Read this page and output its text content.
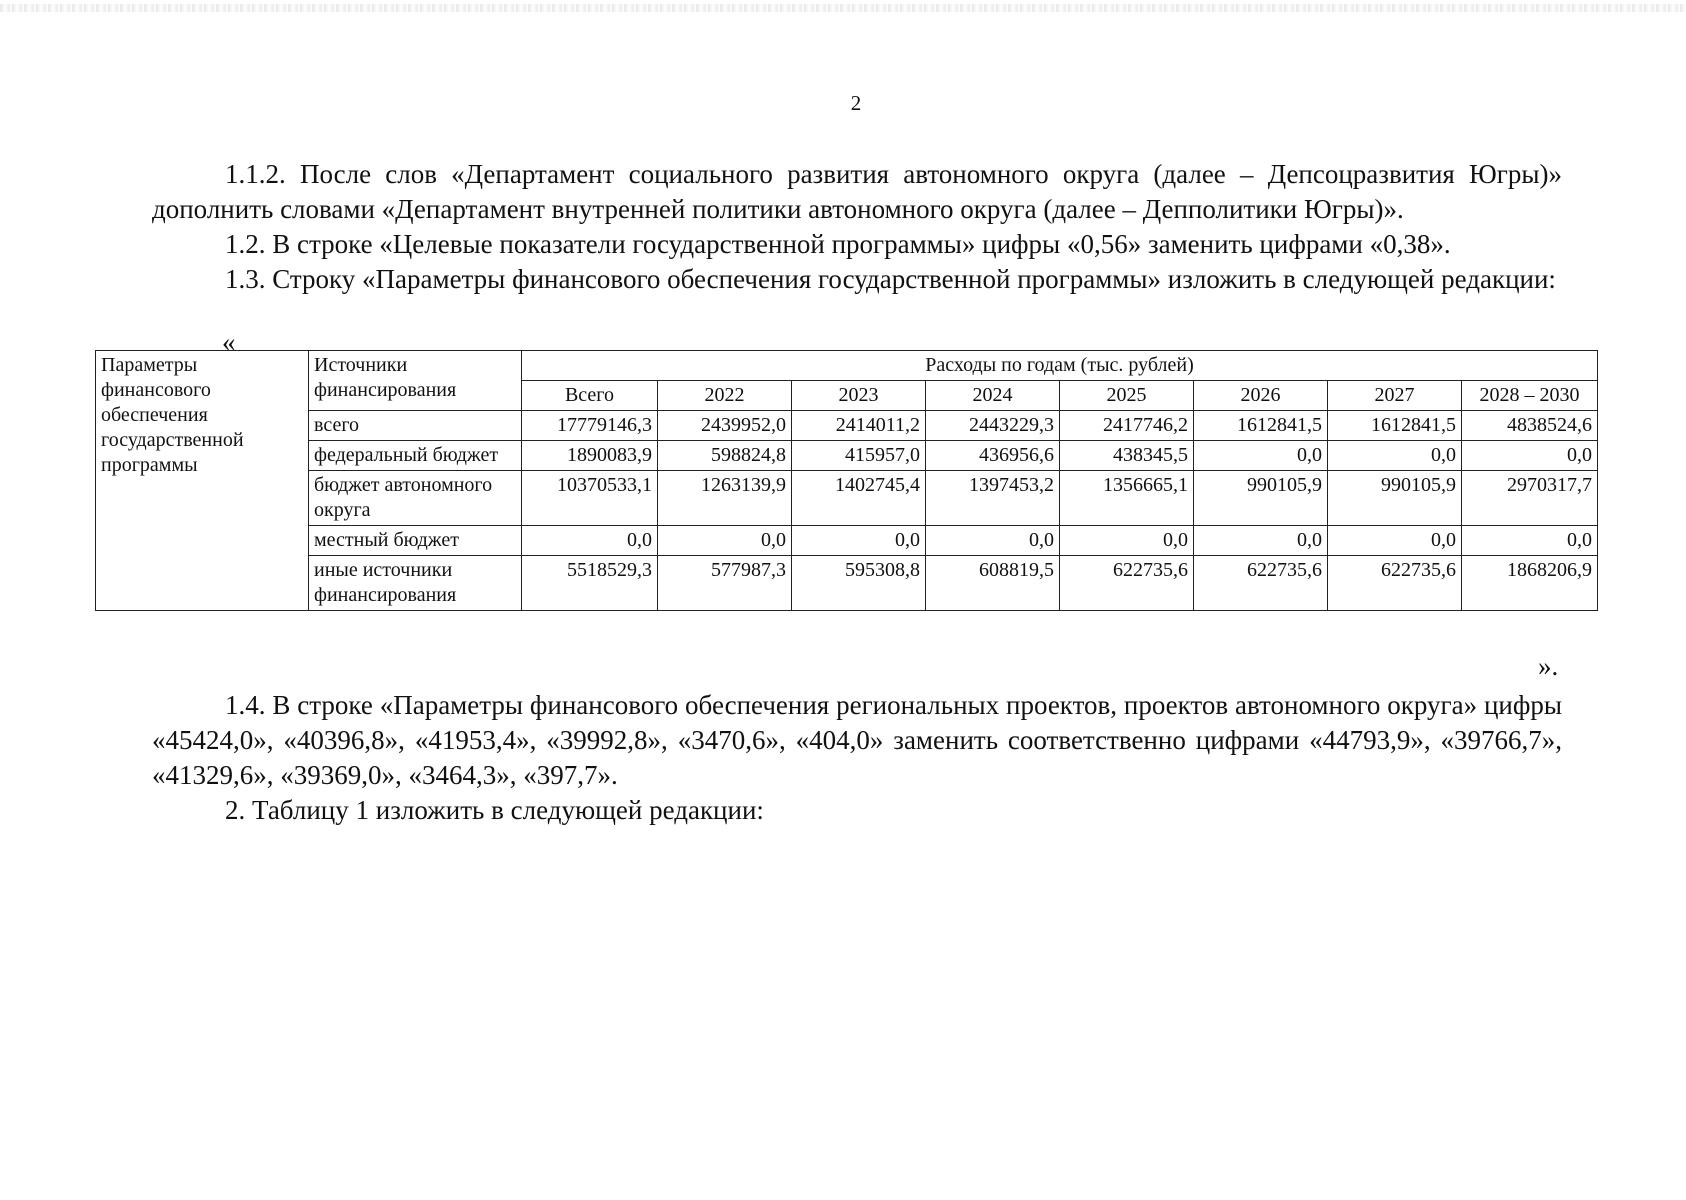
2

1.1.2. После слов «Департамент социального развития автономного округа (далее – Депсоцразвития Югры)» дополнить словами «Департамент внутренней политики автономного округа (далее – Депполитики Югры)».

1.2. В строке «Целевые показатели государственной программы» цифры «0,56» заменить цифрами «0,38».

1.3. Строку «Параметры финансового обеспечения государственной программы» изложить в следующей редакции:

«
Параметры финансового обеспечения государственной программы	Источники финансирования	Расходы по годам (тыс. рублей)							
		Всего	2022	2023	2024	2025	2026	2027	2028 – 2030
	всего	17779146,3	2439952,0	2414011,2	2443229,3	2417746,2	1612841,5	1612841,5	4838524,6
	федеральный бюджет	1890083,9	598824,8	415957,0	436956,6	438345,5	0,0	0,0	0,0
	бюджет автономного округа	10370533,1	1263139,9	1402745,4	1397453,2	1356665,1	990105,9	990105,9	2970317,7
	местный бюджет	0,0	0,0	0,0	0,0	0,0	0,0	0,0	0,0
	иные источники финансирования	5518529,3	577987,3	595308,8	608819,5	622735,6	622735,6	622735,6	1868206,9
».

1.4. В строке «Параметры финансового обеспечения региональных проектов, проектов автономного округа» цифры «45424,0», «40396,8», «41953,4», «39992,8», «3470,6», «404,0» заменить соответственно цифрами «44793,9», «39766,7», «41329,6», «39369,0», «3464,3», «397,7».

2. Таблицу 1 изложить в следующей редакции:
